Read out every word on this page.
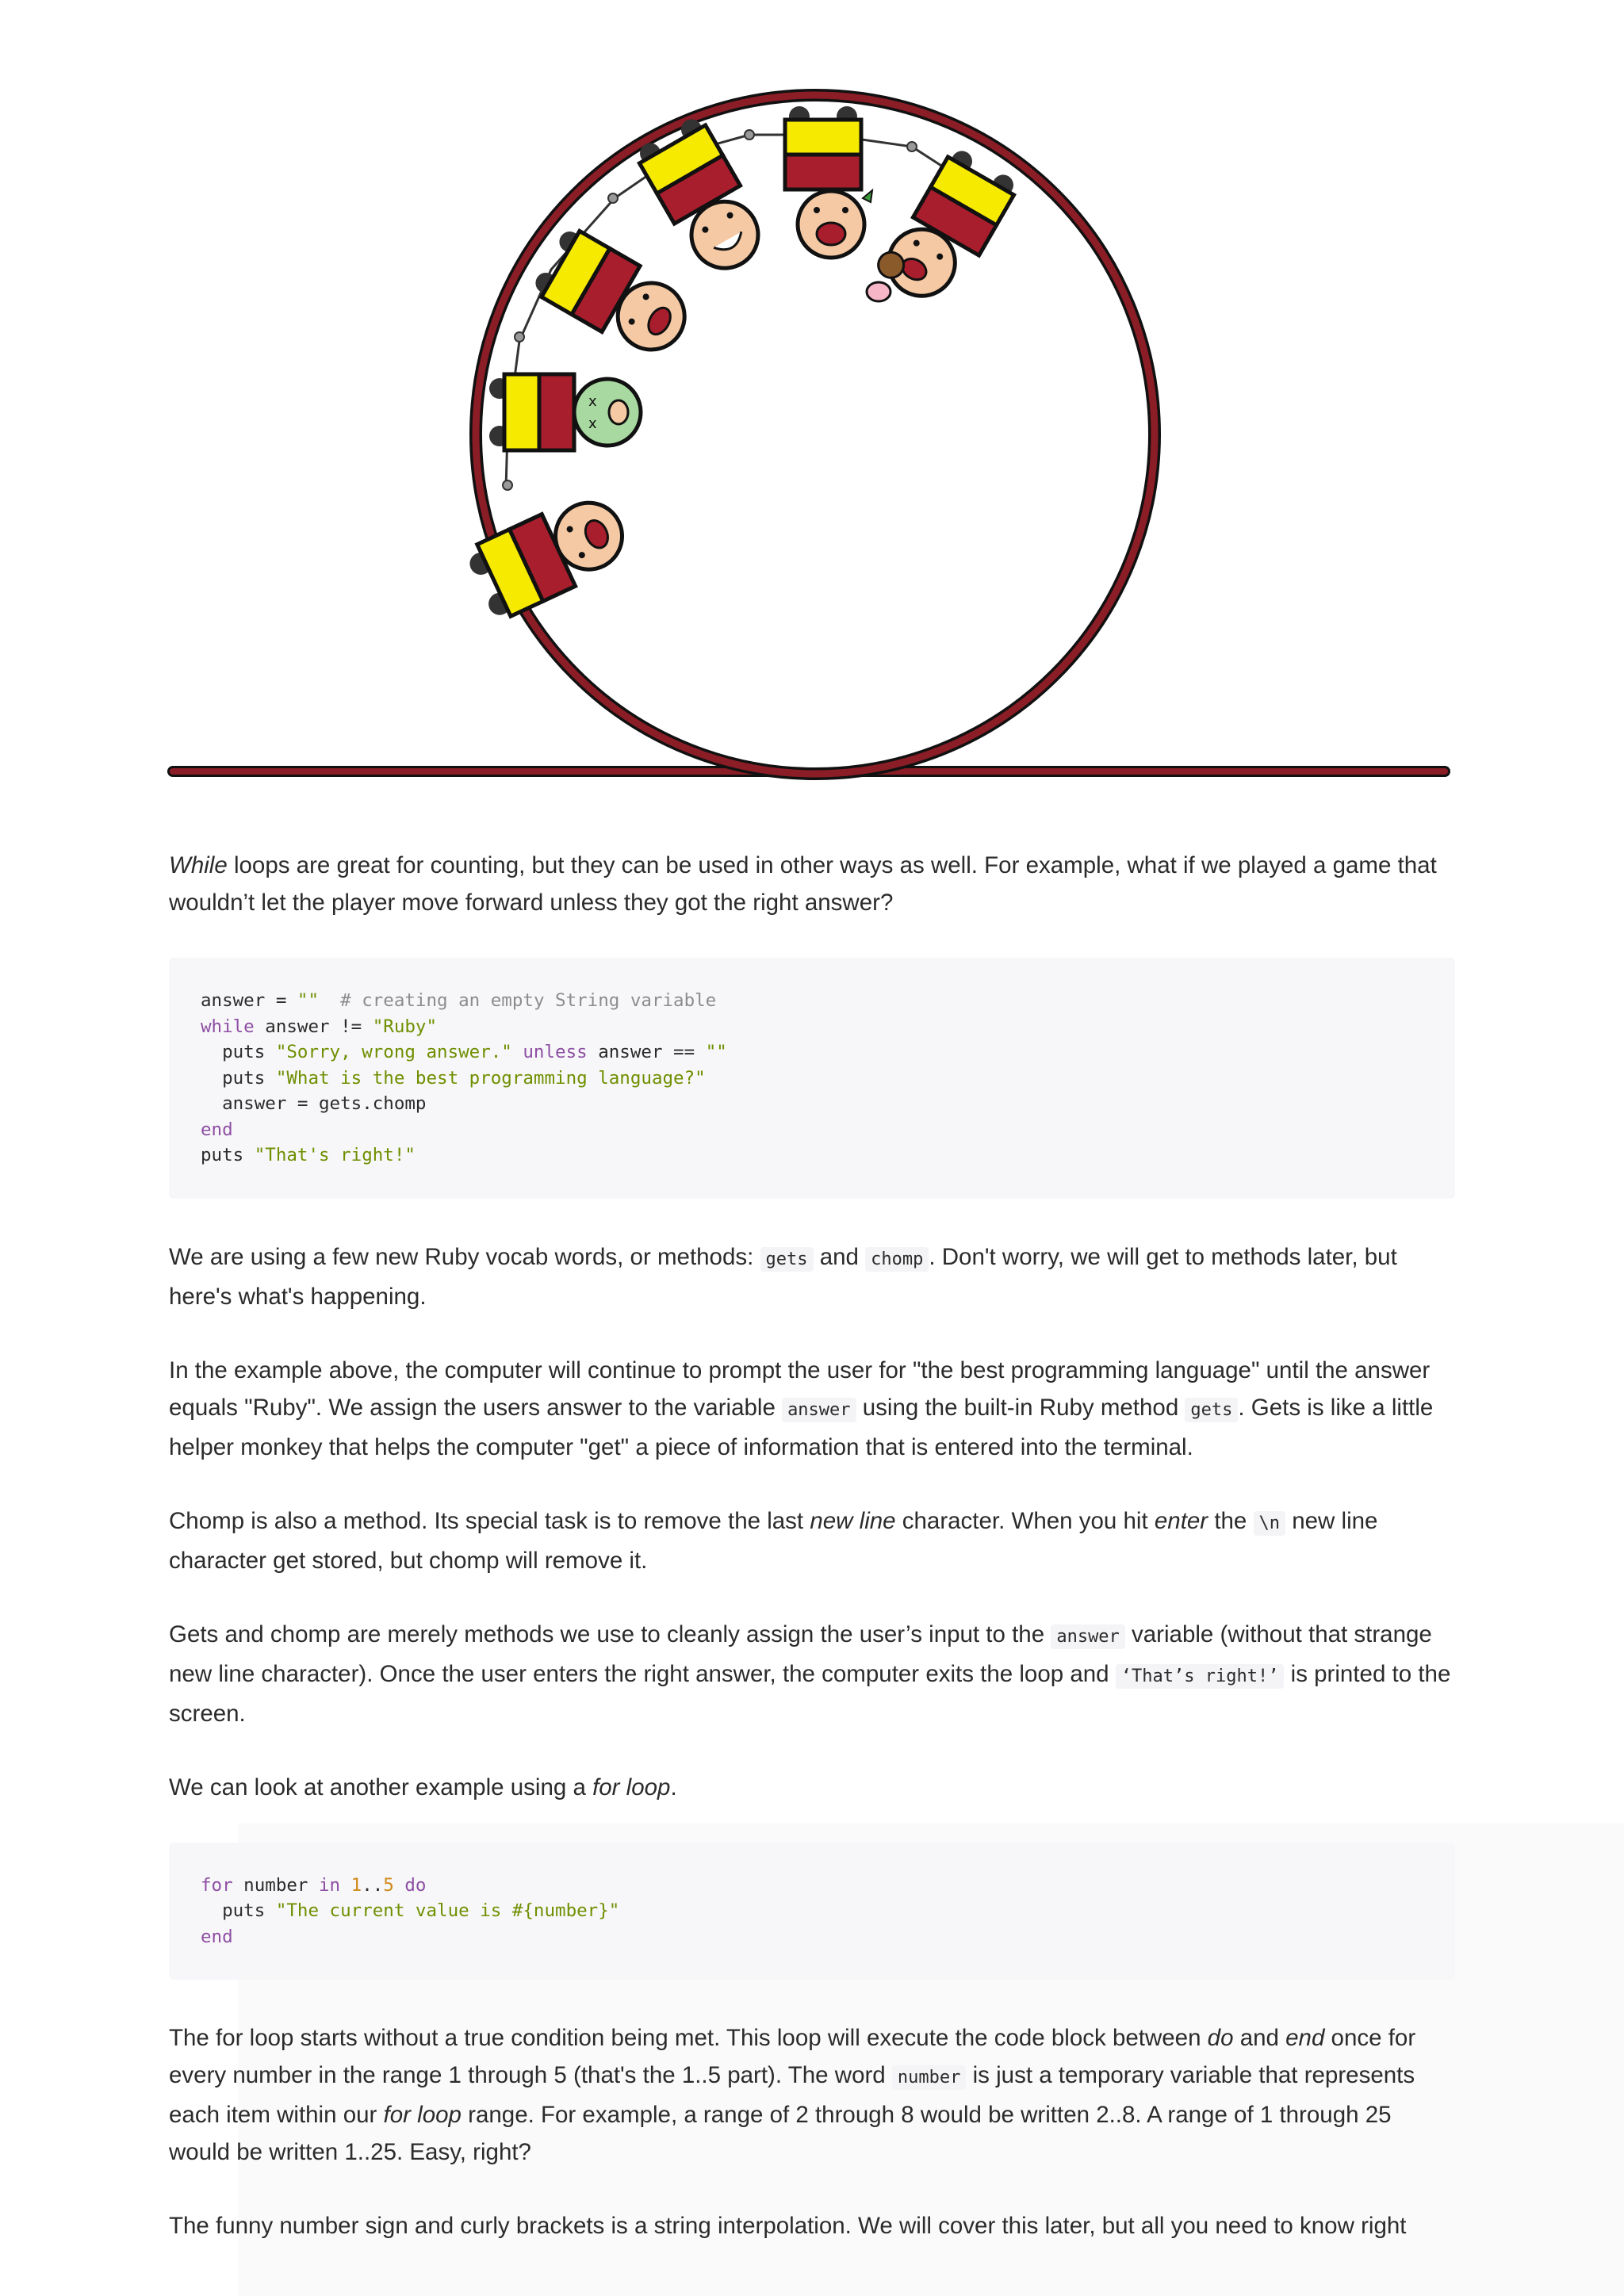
x
x

While loops are great for counting, but they can be used in other ways as well. For example, what if we played a game that wouldn’t let the player move forward unless they got the right answer?

answer = ""  # creating an empty String variable
while answer != "Ruby"
puts "Sorry, wrong answer." unless answer == ""
puts "What is the best programming language?"
answer = gets.chomp
end
puts "That's right!"

We are using a few new Ruby vocab words, or methods: gets and chomp . Don't worry, we will get to methods later, but here's what's happening.

In the example above, the computer will continue to prompt the user for "the best programming language" until the answer equals "Ruby". We assign the users answer to the variable answer using the built-in Ruby method gets . Gets is like a little helper monkey that helps the computer "get" a piece of information that is entered into the terminal.

Chomp is also a method. Its special task is to remove the last new line character. When you hit enter the \n new line character get stored, but chomp will remove it.

Gets and chomp are merely methods we use to cleanly assign the user’s input to the answer variable (without that strange new line character). Once the user enters the right answer, the computer exits the loop and ‘That’s right!’ is printed to the screen.

We can look at another example using a for loop.

for number in 1..5 do
puts "The current value is #{number}"
end

The for loop starts without a true condition being met. This loop will execute the code block between do and end once for every number in the range 1 through 5 (that's the 1..5 part). The word number is just a temporary variable that represents each item within our for loop range. For example, a range of 2 through 8 would be written 2..8. A range of 1 through 25 would be written 1..25. Easy, right?

The funny number sign and curly brackets is a string interpolation. We will cover this later, but all you need to know right
